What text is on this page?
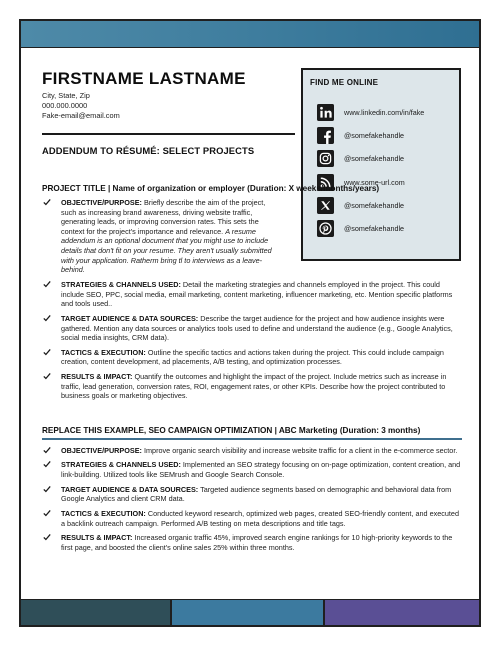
FIRSTNAME LASTNAME
City, State, Zip
000.000.0000
Fake-email@email.com
ADDENDUM TO RÉSUMÉ: SELECT PROJECTS
FIND ME ONLINE
www.linkedin.com/in/fake
@somefakehandle
@somefakehandle
www.some-url.com
@somefakehandle
@somefakehandle
PROJECT TITLE | Name of organization or employer (Duration: X weeks/months/years)
OBJECTIVE/PURPOSE: Briefly describe the aim of the project, such as increasing brand awareness, driving website traffic, generating leads, or improving conversion rates. This sets the context for the project's importance and relevance. A resume addendum is an optional document that you might use to include details that don't fit on your resume. They aren't usually submitted with your application. Ratherm bring tl to interviews as a leave-behind.
STRATEGIES & CHANNELS USED: Detail the marketing strategies and channels employed in the project. This could include SEO, PPC, social media, email marketing, content marketing, influencer marketing, etc. Mention specific platforms and tools used..
TARGET AUDIENCE & DATA SOURCES: Describe the target audience for the project and how audience insights were gathered. Mention any data sources or analytics tools used to define and understand the audience (e.g., Google Analytics, social media insights, CRM data).
TACTICS & EXECUTION: Outline the specific tactics and actions taken during the project. This could include campaign creation, content development, ad placements, A/B testing, and optimization processes.
RESULTS & IMPACT: Quantify the outcomes and highlight the impact of the project. Include metrics such as increase in traffic, lead generation, conversion rates, ROI, engagement rates, or other KPIs. Describe how the project contributed to business goals or marketing objectives.
REPLACE THIS EXAMPLE, SEO CAMPAIGN OPTIMIZATION | ABC Marketing (Duration: 3 months)
OBJECTIVE/PURPOSE: Improve organic search visibility and increase website traffic for a client in the e-commerce sector.
STRATEGIES & CHANNELS USED: Implemented an SEO strategy focusing on on-page optimization, content creation, and link-building. Utilized tools like SEMrush and Google Search Console.
TARGET AUDIENCE & DATA SOURCES: Targeted audience segments based on demographic and behavioral data from Google Analytics and client CRM data.
TACTICS & EXECUTION: Conducted keyword research, optimized web pages, created SEO-friendly content, and executed a backlink outreach campaign. Performed A/B testing on meta descriptions and title tags.
RESULTS & IMPACT: Increased organic traffic 45%, improved search engine rankings for 10 high-priority keywords to the first page, and boosted the client's online sales 25% within three months.
